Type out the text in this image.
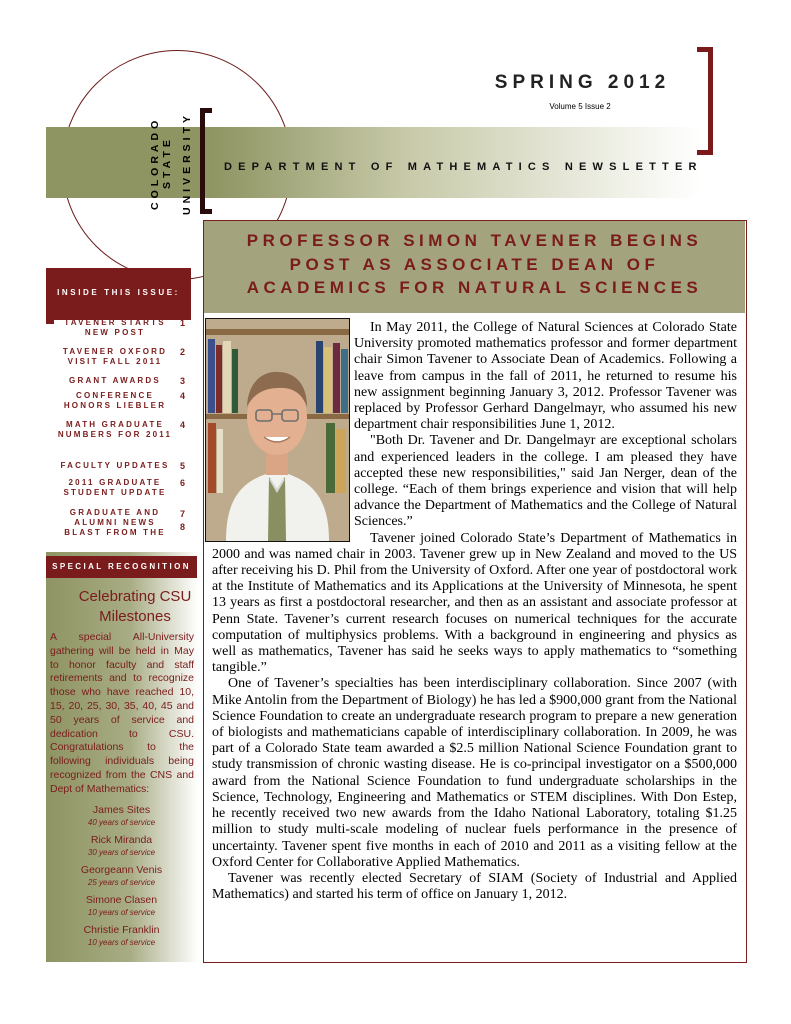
COLORADO STATE UNIVERSITY
SPRING 2012
Volume 5 Issue 2
DEPARTMENT OF MATHEMATICS NEWSLETTER
INSIDE THIS ISSUE:
TAVENER STARTS NEW POST
1
TAVENER OXFORD VISIT FALL 2011
2
GRANT AWARDS	3
CONFERENCE HONORS LIEBLER
4
MATH GRADUATE NUMBERS FOR 2011
4
FACULTY UPDATES	5
2011 GRADUATE STUDENT UPDATE
6
GRADUATE AND ALUMNI NEWS BLAST FROM THE
7
8
SPECIAL RECOGNITION
Celebrating CSU Milestones
A special All-University gathering will be held in May to honor faculty and staff retirements and to recognize those who have reached 10, 15, 20, 25, 30, 35, 40, 45 and 50 years of service and dedication to CSU. Congratulations to the following individuals being recognized from the CNS and Dept of Mathematics:
James Sites
40 years of service
Rick Miranda
30 years of service
Georgeann Venis
25 years of service
Simone Clasen
10 years of service
Christie Franklin
10 years of service
PROFESSOR SIMON TAVENER BEGINS POST AS ASSOCIATE DEAN OF ACADEMICS FOR NATURAL SCIENCES

In May 2011, the College of Natural Sciences at Colorado State University promoted mathematics professor and former department chair Simon Tavener to Associate Dean of Academics. Following a leave from campus in the fall of 2011, he returned to resume his new assignment beginning January 3, 2012. Professor Tavener was replaced by Professor Gerhard Dangelmayr, who assumed his new department chair responsibilities June 1, 2012.

"Both Dr. Tavener and Dr. Dangelmayr are exceptional scholars and experienced leaders in the college. I am pleased they have accepted these new responsibilities," said Jan Nerger, dean of the college. “Each of them brings experience and vision that will help advance the Department of Mathematics and the College of Natural Sciences.”

Tavener joined Colorado State’s Department of Mathematics in 2000 and was named chair in 2003. Tavener grew up in New Zealand and moved to the US after receiving his D. Phil from the University of Oxford. After one year of postdoctoral work at the Institute of Mathematics and its Applications at the University of Minnesota, he spent 13 years as first a postdoctoral researcher, and then as an assistant and associate professor at Penn State. Tavener’s current research focuses on numerical techniques for the accurate computation of multiphysics problems. With a background in engineering and physics as well as mathematics, Tavener has said he seeks ways to apply mathematics to “something tangible.”

One of Tavener’s specialties has been interdisciplinary collaboration. Since 2007 (with Mike Antolin from the Department of Biology) he has led a $900,000 grant from the National Science Foundation to create an undergraduate research program to prepare a new generation of biologists and mathematicians capable of interdisciplinary collaboration. In 2009, he was part of a Colorado State team awarded a $2.5 million National Science Foundation grant to study transmission of chronic wasting disease. He is co-principal investigator on a $500,000 award from the National Science Foundation to fund undergraduate scholarships in the Science, Technology, Engineering and Mathematics or STEM disciplines. With Don Estep, he recently received two new awards from the Idaho National Laboratory, totaling $1.25 million to study multi-scale modeling of nuclear fuels performance in the presence of uncertainty. Tavener spent five months in each of 2010 and 2011 as a visiting fellow at the Oxford Center for Collaborative Applied Mathematics.

Tavener was recently elected Secretary of SIAM (Society of Industrial and Applied Mathematics) and started his term of office on January 1, 2012.
